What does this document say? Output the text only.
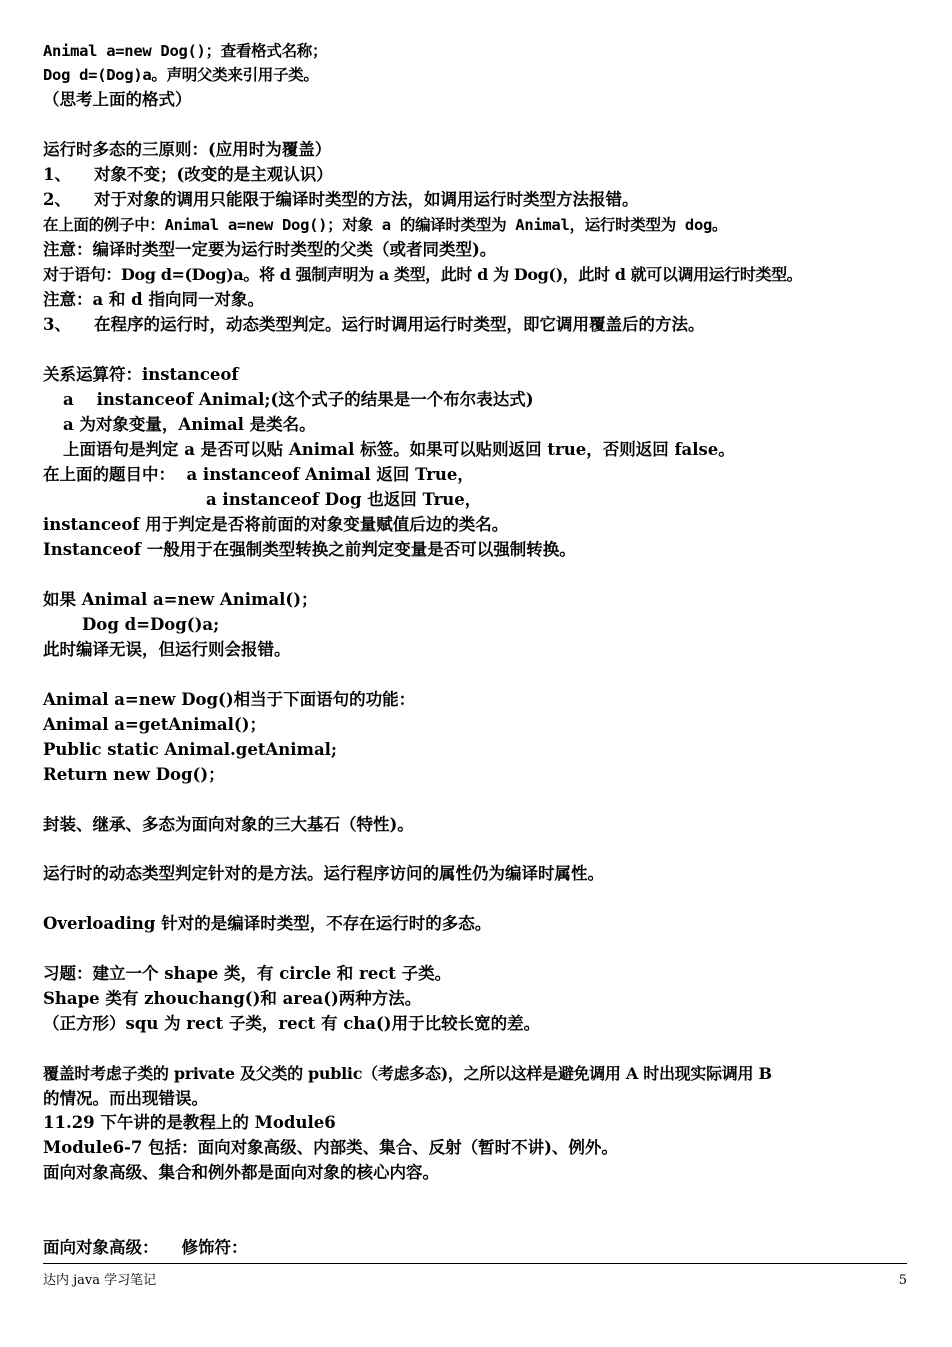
Animal a=new Dog()；查看格式名称；
Dog d=(Dog)a。声明父类来引用子类。
（思考上面的格式）
运行时多态的三原则：(应用时为覆盖）
1、    对象不变；(改变的是主观认识）
2、    对于对象的调用只能限于编译时类型的方法，如调用运行时类型方法报错。
在上面的例子中：Animal a=new Dog()；对象 a 的编译时类型为 Animal，运行时类型为 dog。
注意：编译时类型一定要为运行时类型的父类（或者同类型)。
对于语句：Dog d=(Dog)a。将 d 强制声明为 a 类型，此时 d 为 Dog()，此时 d 就可以调用运行时类型。
注意：a 和 d 指向同一对象。
3、    在程序的运行时，动态类型判定。运行时调用运行时类型，即它调用覆盖后的方法。
关系运算符：instanceof
a    instanceof Animal;(这个式子的结果是一个布尔表达式)
a 为对象变量，Animal 是类名。
上面语句是判定 a 是否可以贴 Animal 标签。如果可以贴则返回 true，否则返回 false。
在上面的题目中：  a instanceof Animal 返回 True，
a instanceof Dog 也返回 True，
instanceof 用于判定是否将前面的对象变量赋值后边的类名。
Instanceof 一般用于在强制类型转换之前判定变量是否可以强制转换。
如果 Animal a=new Animal()；
Dog d=Dog()a;
此时编译无误，但运行则会报错。
Animal a=new Dog()相当于下面语句的功能：
Animal a=getAnimal()；
Public static Animal.getAnimal;
Return new Dog()；
封装、继承、多态为面向对象的三大基石（特性)。
运行时的动态类型判定针对的是方法。运行程序访问的属性仍为编译时属性。
Overloading 针对的是编译时类型，不存在运行时的多态。
习题：建立一个 shape 类，有 circle 和 rect 子类。
Shape 类有 zhouchang()和 area()两种方法。
（正方形）squ 为 rect 子类，rect 有 cha()用于比较长宽的差。
覆盖时考虑子类的 private 及父类的 public（考虑多态)，之所以这样是避免调用 A 时出现实际调用 B
的情况。而出现错误。
11.29 下午讲的是教程上的 Module6
Module6-7 包括：面向对象高级、内部类、集合、反射（暂时不讲)、例外。
面向对象高级、集合和例外都是面向对象的核心内容。
面向对象高级：    修饰符：
达内 java 学习笔记	5
